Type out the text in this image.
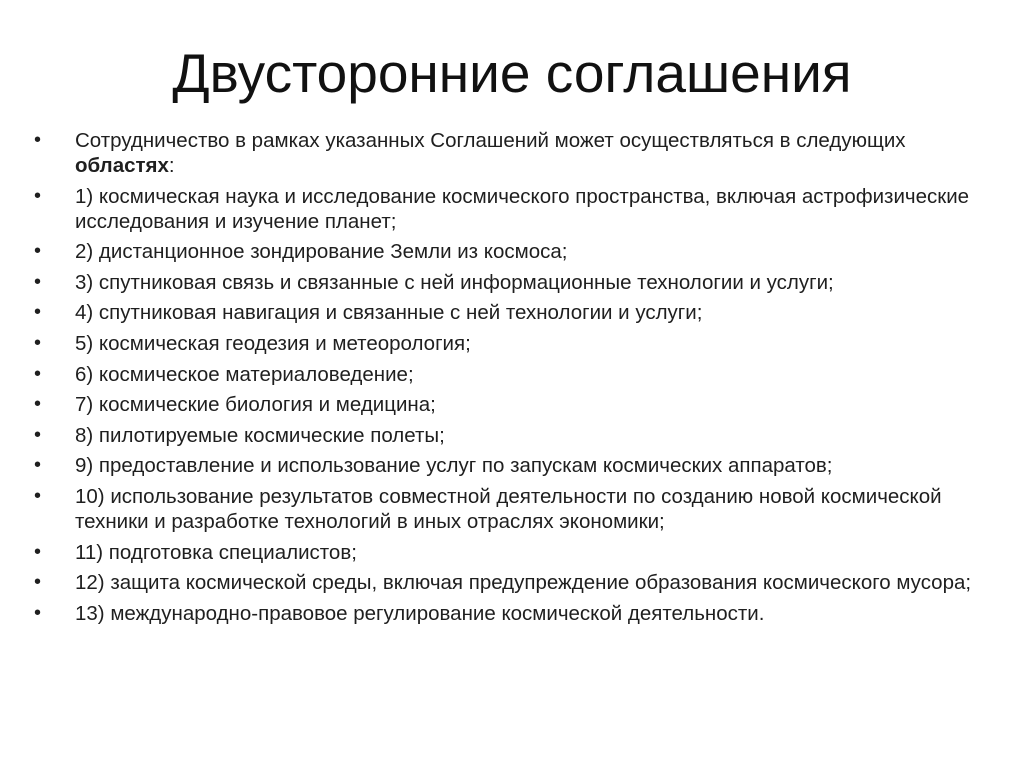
Двусторонние соглашения
• Сотрудничество в рамках указанных Соглашений может осуществляться в следующих областях:
• 1) космическая наука и исследование космического пространства, включая астрофизические исследования и изучение планет;
• 2) дистанционное зондирование Земли из космоса;
• 3) спутниковая связь и связанные с ней информационные технологии и услуги;
• 4) спутниковая навигация и связанные с ней технологии и услуги;
• 5) космическая геодезия и метеорология;
• 6) космическое материаловедение;
• 7) космические биология и медицина;
• 8) пилотируемые космические полеты;
• 9) предоставление и использование услуг по запускам космических аппаратов;
• 10) использование результатов совместной деятельности по созданию новой космической техники и разработке технологий в иных отраслях экономики;
• 11) подготовка специалистов;
• 12) защита космической среды, включая предупреждение образования космического мусора;
• 13) международно-правовое регулирование космической деятельности.
